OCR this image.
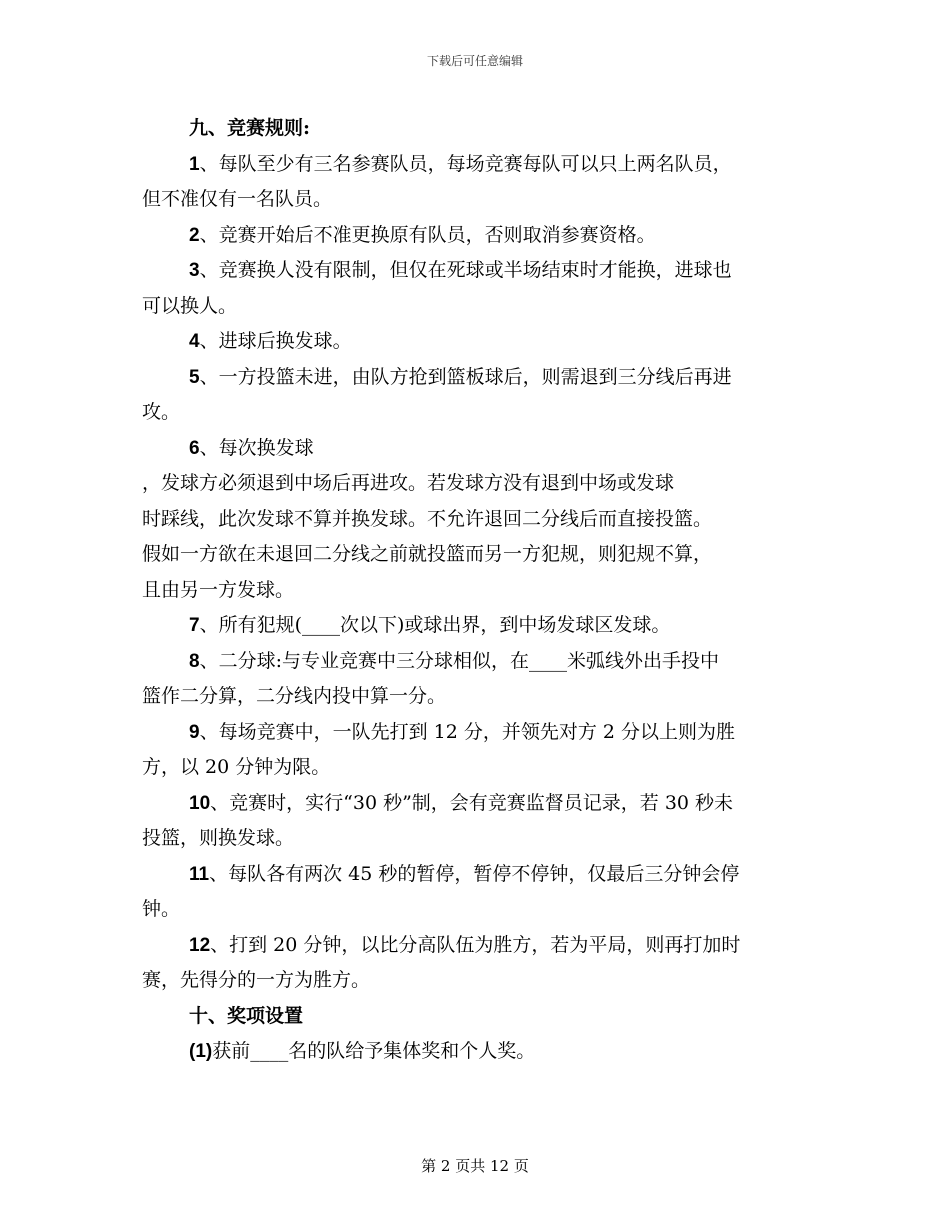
下载后可任意编辑

九、竞赛规则:

1、每队至少有三名参赛队员，每场竞赛每队可以只上两名队员，

但不准仅有一名队员。

2、竞赛开始后不准更换原有队员，否则取消参赛资格。

3、竞赛换人没有限制，但仅在死球或半场结束时才能换，进球也

可以换人。

4、进球后换发球。

5、一方投篮未进，由队方抢到篮板球后，则需退到三分线后再进

攻。

6、每次换发球

，发球方必须退到中场后再进攻。若发球方没有退到中场或发球

时踩线，此次发球不算并换发球。不允许退回二分线后而直接投篮。

假如一方欲在未退回二分线之前就投篮而另一方犯规，则犯规不算，

且由另一方发球。

7、所有犯规(____次以下)或球出界，到中场发球区发球。

8、二分球:与专业竞赛中三分球相似，在____米弧线外出手投中

篮作二分算，二分线内投中算一分。

9、每场竞赛中，一队先打到 12 分，并领先对方 2 分以上则为胜

方，以 20 分钟为限。

10、竞赛时，实行“30 秒”制，会有竞赛监督员记录，若 30 秒未

投篮，则换发球。

11、每队各有两次 45 秒的暂停，暂停不停钟，仅最后三分钟会停

钟。

12、打到 20 分钟，以比分高队伍为胜方，若为平局，则再打加时

赛，先得分的一方为胜方。

十、奖项设置

(1)获前____名的队给予集体奖和个人奖。

第 2 页共 12 页
